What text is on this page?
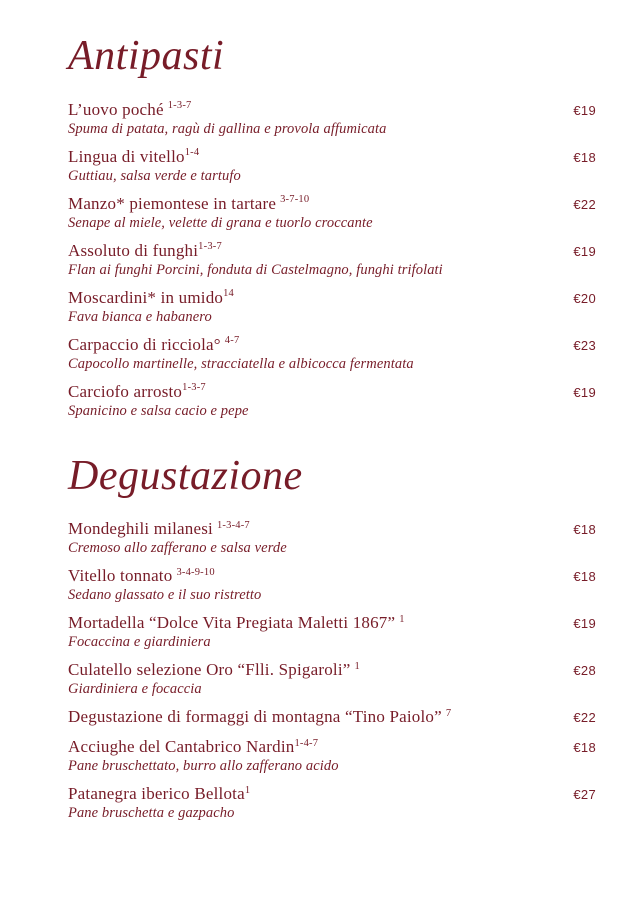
Antipasti
L’uovo poché $^{1-3-7}$	€19
Spuma di patata, ragù di gallina e provola affumicata
Lingua di vitello$^{1-4}$	€18
Guttiau, salsa verde e tartufo
Manzo* piemontese in tartare $^{3-7-10}$	€22
Senape al miele, velette di grana e tuorlo croccante
Assoluto di funghi$^{1-3-7}$	€19
Flan ai funghi Porcini, fonduta di Castelmagno, funghi trifolati
Moscardini* in umido$^{14}$	€20
Fava bianca e habanero
Carpaccio di ricciola° $^{4-7}$	€23
Capocollo martinelle, stracciatella e albicocca fermentata
Carciofo arrosto$^{1-3-7}$	€19
Spanicino e salsa cacio e pepe
Degustazione
Mondeghili milanesi $^{1-3-4-7}$	€18
Cremoso allo zafferano e salsa verde
Vitello tonnato $^{3-4-9-10}$	€18
Sedano glassato e il suo ristretto
Mortadella “Dolce Vita Pregiata Maletti 1867” $^1$	€19
Focaccina e giardiniera
Culatello selezione Oro “Flli. Spigaroli” $^1$	€28
Giardiniera e focaccia
Degustazione di formaggi di montagna “Tino Paiolo” $^7$	€22
Acciughe del Cantabrico Nardin$^{1-4-7}$	€18
Pane bruschettato, burro allo zafferano acido
Patanegra iberico Bellota$^1$	€27
Pane bruschetta e gazpacho
